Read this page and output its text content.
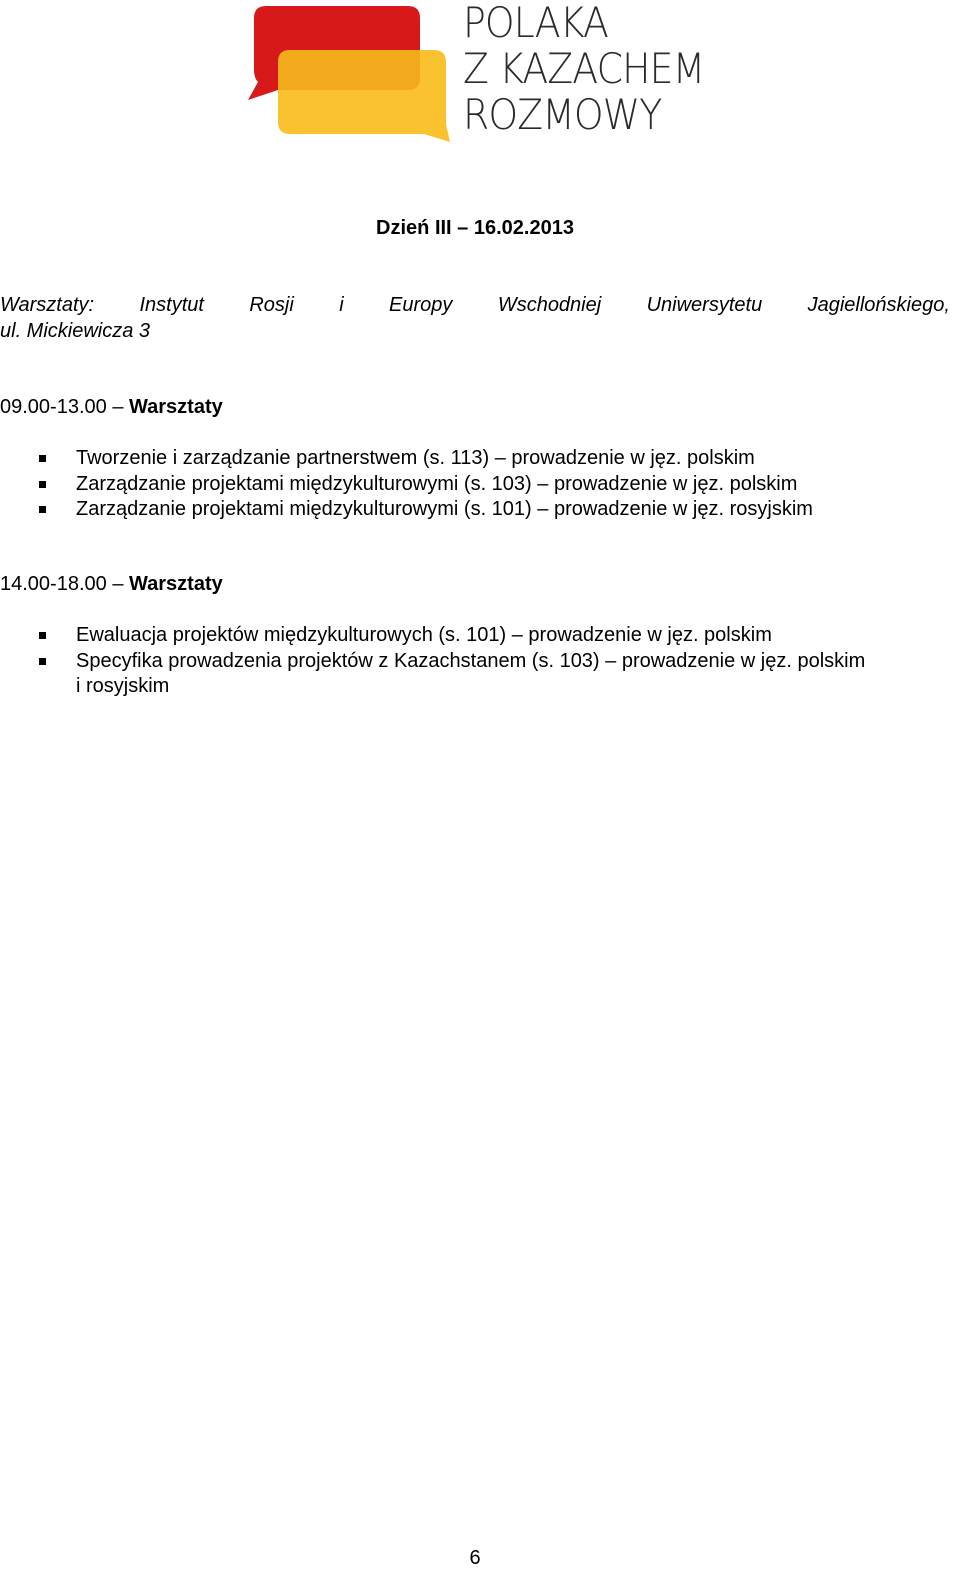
POLAKA
Z KAZACHEM
ROZMOWY
Dzień III – 16.02.2013
Warsztaty: Instytut Rosji i Europy Wschodniej Uniwersytetu Jagiellońskiego,
ul. Mickiewicza 3
09.00-13.00 – Warsztaty
Tworzenie i zarządzanie partnerstwem (s. 113) – prowadzenie w jęz. polskim
Zarządzanie projektami międzykulturowymi (s. 103) – prowadzenie w jęz. polskim
Zarządzanie projektami międzykulturowymi (s. 101) – prowadzenie w jęz. rosyjskim
14.00-18.00 – Warsztaty
Ewaluacja projektów międzykulturowych (s. 101) – prowadzenie w jęz. polskim
Specyfika prowadzenia projektów z Kazachstanem (s. 103) – prowadzenie w jęz. polskim
i rosyjskim
6
